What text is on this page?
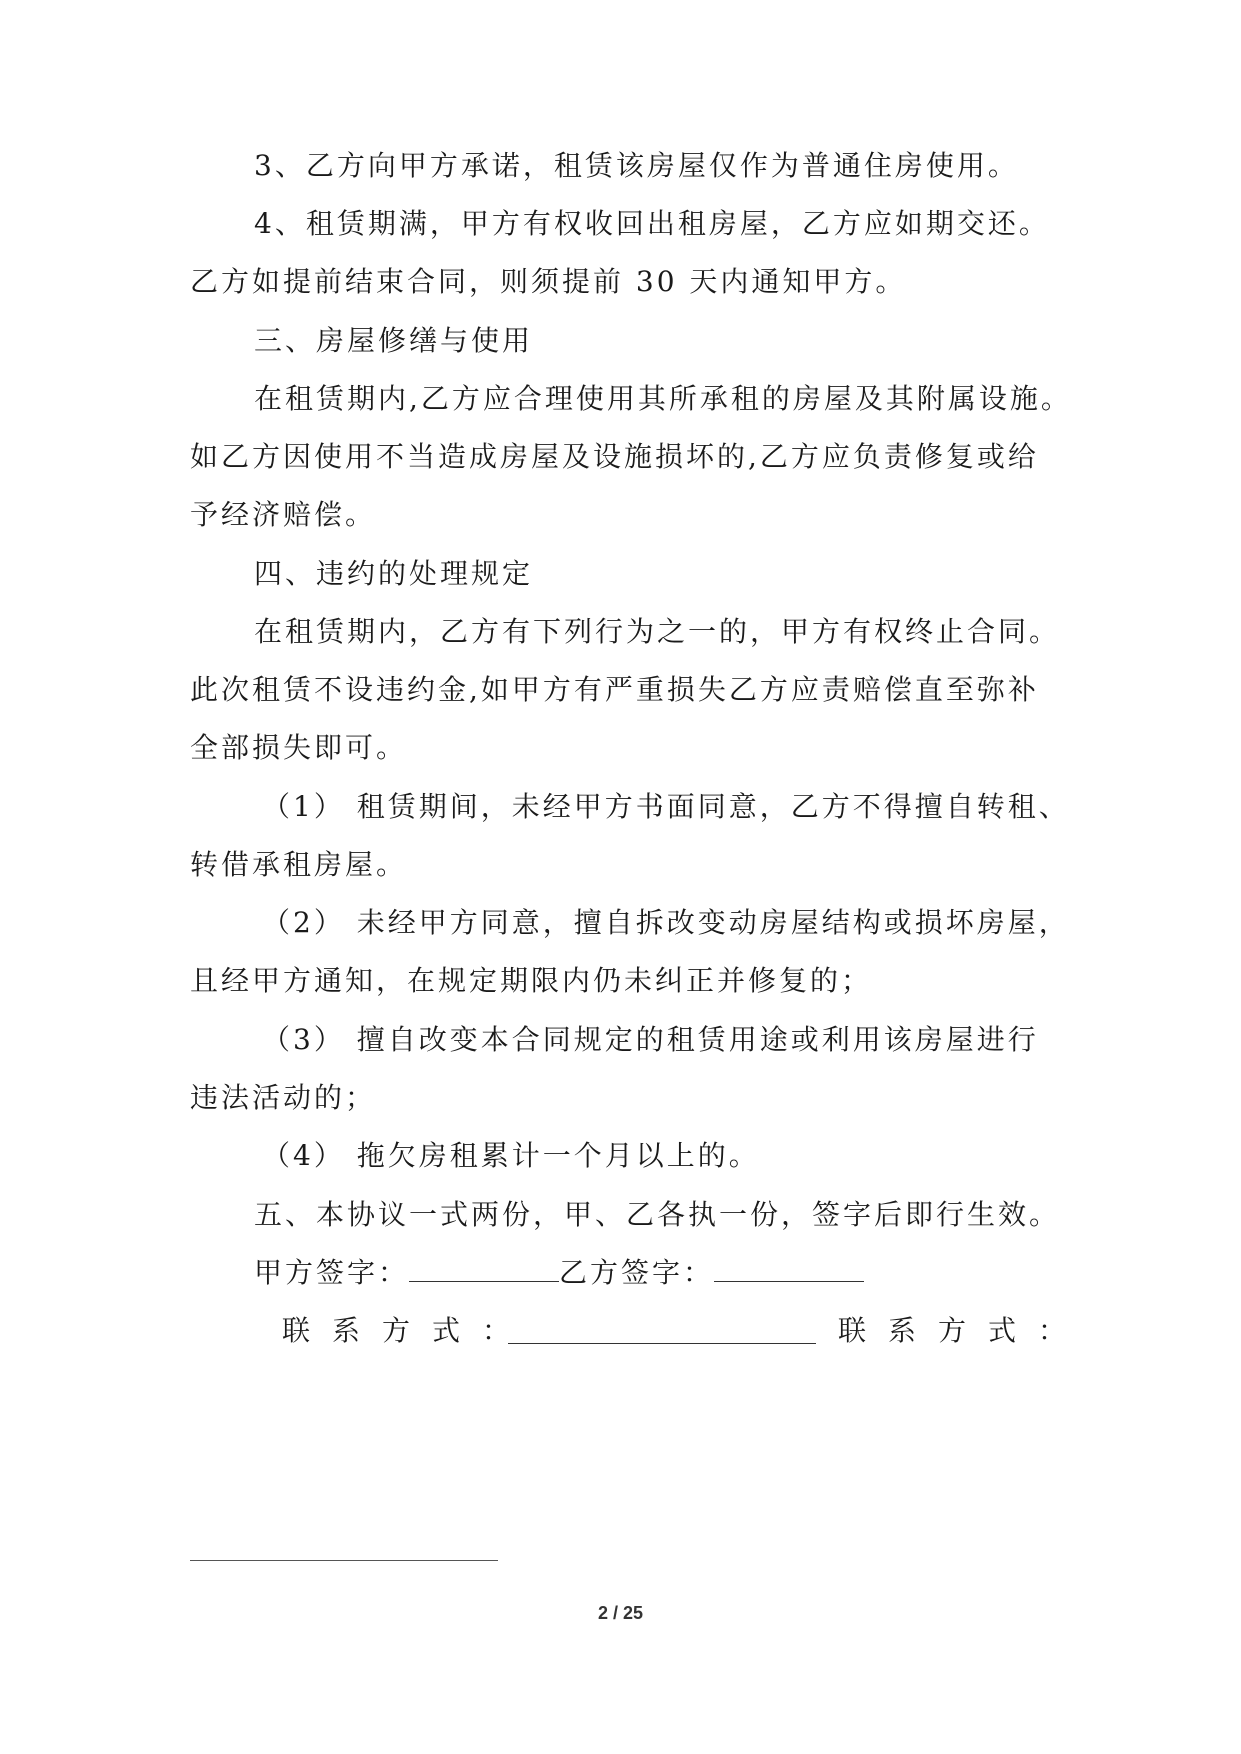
3、乙方向甲方承诺，租赁该房屋仅作为普通住房使用。
4、租赁期满，甲方有权收回出租房屋，乙方应如期交还。
乙方如提前结束合同，则须提前 30 天内通知甲方。
三、房屋修缮与使用
在租赁期内,乙方应合理使用其所承租的房屋及其附属设施。
如乙方因使用不当造成房屋及设施损坏的,乙方应负责修复或给
予经济赔偿。
四、违约的处理规定
在租赁期内，乙方有下列行为之一的，甲方有权终止合同。
此次租赁不设违约金,如甲方有严重损失乙方应责赔偿直至弥补
全部损失即可。
（1） 租赁期间，未经甲方书面同意，乙方不得擅自转租、
转借承租房屋。
（2） 未经甲方同意，擅自拆改变动房屋结构或损坏房屋，
且经甲方通知，在规定期限内仍未纠正并修复的；
（3） 擅自改变本合同规定的租赁用途或利用该房屋进行
违法活动的；
（4） 拖欠房租累计一个月以上的。
五、本协议一式两份，甲、乙各执一份，签字后即行生效。
甲方签字：	乙方签字：
联系方式：	联系方式：
2 / 25
